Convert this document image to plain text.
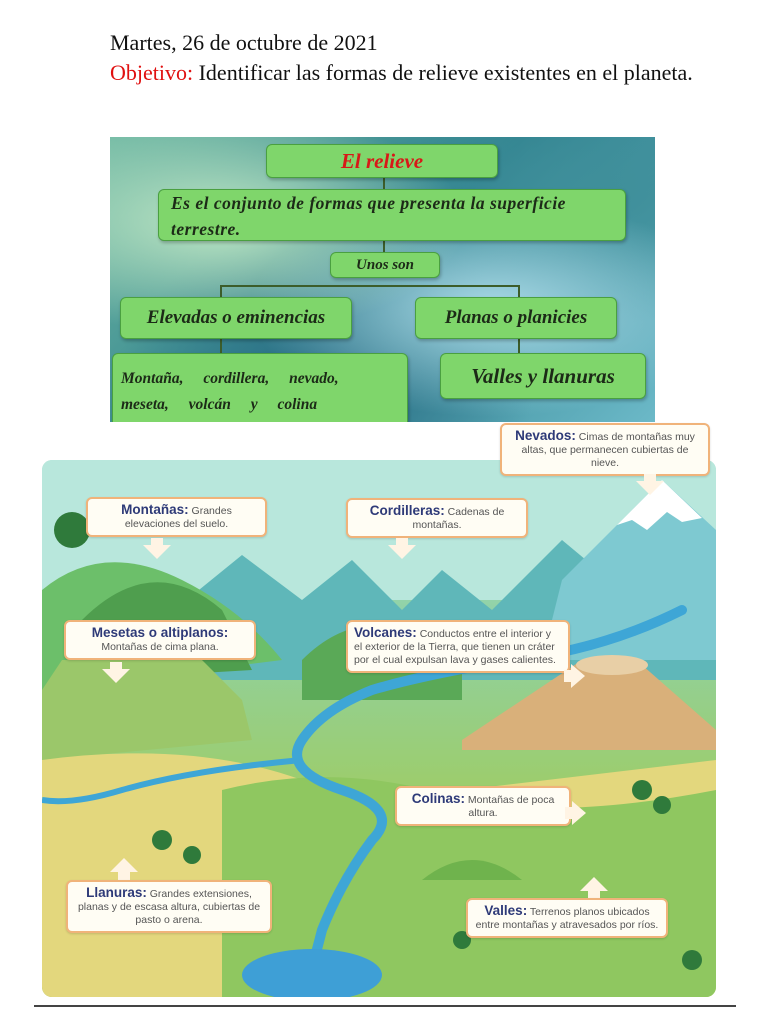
Martes, 26 de octubre de 2021
Objetivo: Identificar las formas de relieve existentes en el planeta.
El relieve
Es el conjunto de formas que presenta la superficie terrestre.
Unos son
Elevadas o eminencias	Planas o planicies
Montaña, cordillera, nevado, meseta, volcán y colina
Valles y llanuras
Nevados: Cimas de montañas muy altas, que permanecen cubiertas de nieve.
Montañas: Grandes elevaciones del suelo.
Cordilleras: Cadenas de montañas.
Mesetas o altiplanos:
Montañas de cima plana.
Volcanes: Conductos entre el interior y el exterior de la Tierra, que tienen un cráter por el cual expulsan lava y gases calientes.
Colinas: Montañas de poca altura.
Llanuras: Grandes extensiones, planas y de escasa altura, cubiertas de pasto o arena.
Valles: Terrenos planos ubicados entre montañas y atravesados por ríos.
